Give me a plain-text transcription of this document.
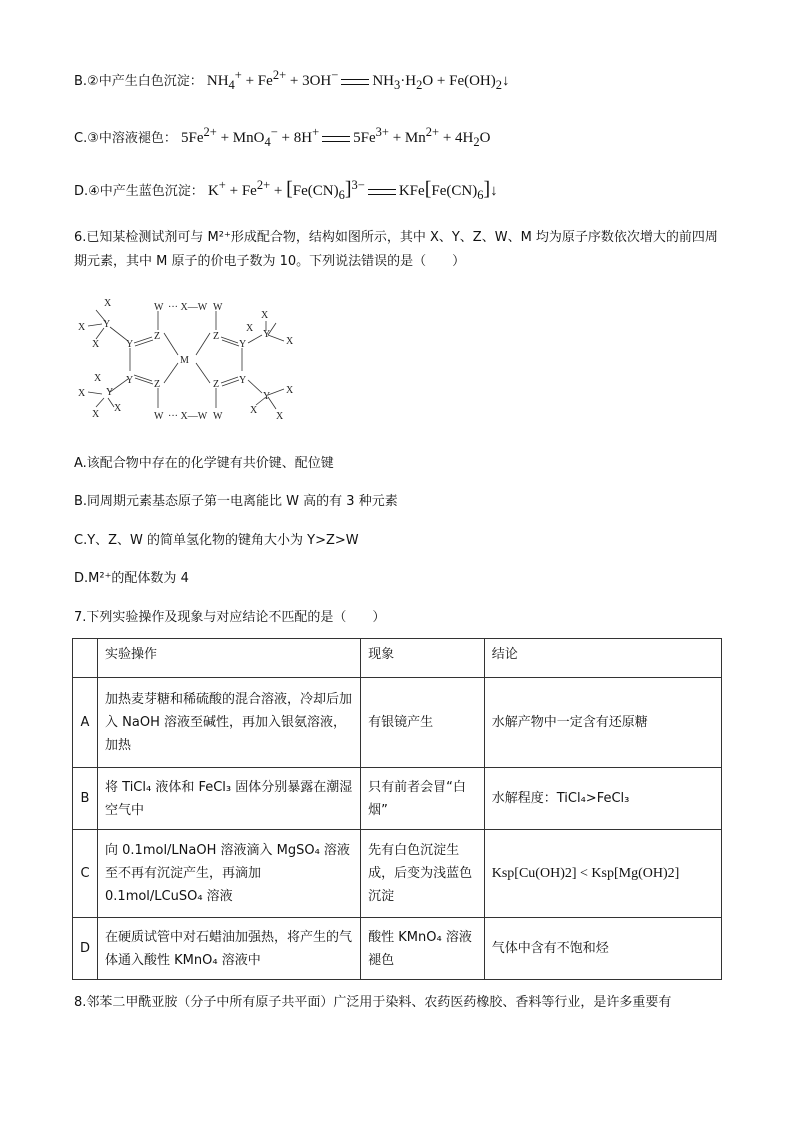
B.②中产生白色沉淀： $NH_4^+ + Fe^{2+} + 3OH^-$ $NH_3\cdot H_2O$ + $Fe(OH)_2↓$
C.③中溶液褪色： $5Fe^{2+} + MnO_4^- + 8H^+$ $5Fe^{3+} + Mn^{2+} + 4H_2O$
D.④中产生蓝色沉淀： $K^+ + Fe^{2+} + [Fe(CN)_6]^{3-}$ $KFe[Fe(CN)_6]↓$
6.已知某检测试剂可与 M²⁺形成配合物，结构如图所示，其中 X、Y、Z、W、M 均为原子序数依次增大的前四周期元素，其中 M 原子的价电子数为 10。下列说法错误的是（　　）
X
Y
X
X	Y
Z
W ··· X—W W
Z
Y
X
Y
X
X
M
Y Z
W ··· X—W
Z
W
Y
Y
X
X
X
Y
X
X
X
X
A.该配合物中存在的化学键有共价键、配位键
B.同周期元素基态原子第一电离能比 W 高的有 3 种元素
C.Y、Z、W 的简单氢化物的键角大小为 Y>Z>W
D.M²⁺的配体数为 4
7.下列实验操作及现象与对应结论不匹配的是（　　）
	实验操作	现象	结论
A	加热麦芽糖和稀硫酸的混合溶液，冷却后加入 NaOH 溶液至碱性，再加入银氨溶液，加热	有银镜产生	水解产物中一定含有还原糖
B	将 TiCl₄ 液体和 FeCl₃ 固体分别暴露在潮湿空气中	只有前者会冒“白烟”	水解程度：TiCl₄>FeCl₃
C	向 0.1mol/LNaOH 溶液滴入 MgSO₄ 溶液至不再有沉淀产生，再滴加 0.1mol/LCuSO₄ 溶液	先有白色沉淀生成，后变为浅蓝色沉淀	Ksp[Cu(OH)2] < Ksp[Mg(OH)2]
D	在硬质试管中对石蜡油加强热，将产生的气体通入酸性 KMnO₄ 溶液中	酸性 KMnO₄ 溶液褪色	气体中含有不饱和烃
8.邻苯二甲酰亚胺（分子中所有原子共平面）广泛用于染料、农药医药橡胶、香料等行业，是许多重要有
